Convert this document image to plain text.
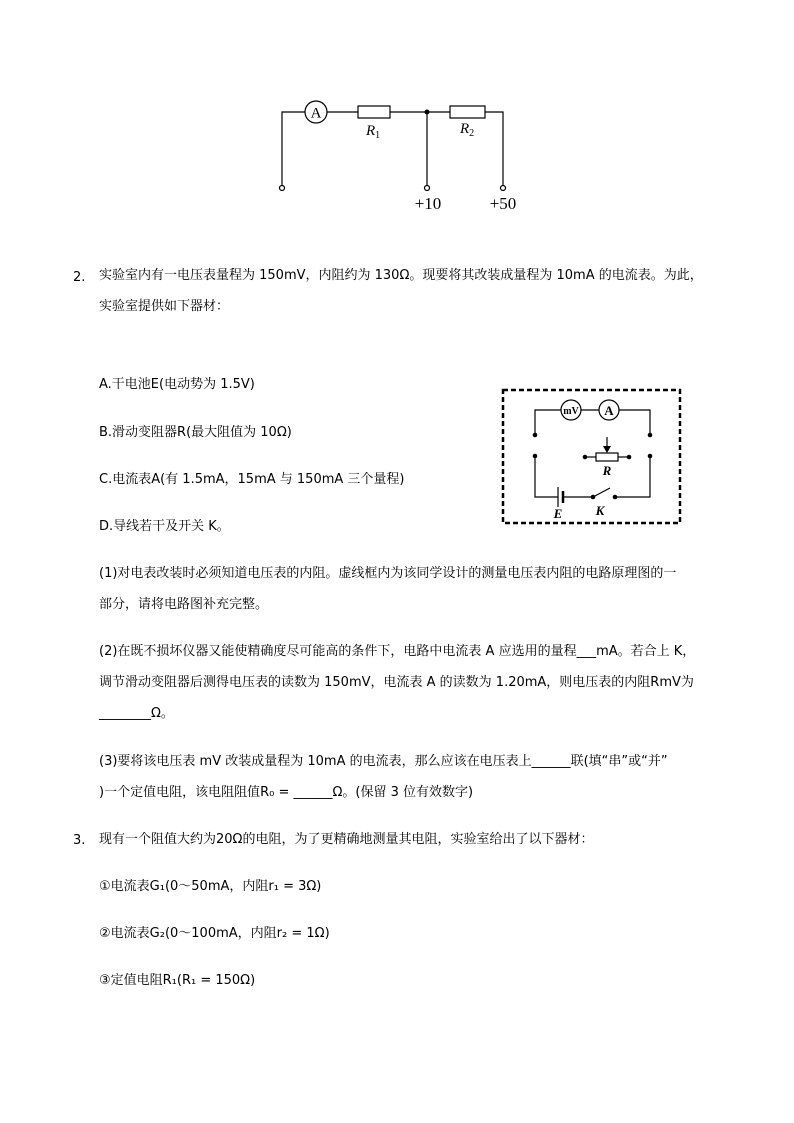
A
$R_1$	$R_2$
+10	+50
2. 实验室内有一电压表量程为 150mV，内阻约为 130Ω。现要将其改装成量程为 10mA 的电流表。为此，
实验室提供如下器材：
A.干电池E(电动势为 1.5V)
B.滑动变阻器R(最大阻值为 10Ω)
C.电流表A(有 1.5mA，15mA 与 150mA 三个量程)
D.导线若干及开关 K。
mV A
R
E	K
(1)对电表改装时必须知道电压表的内阻。虚线框内为该同学设计的测量电压表内阻的电路原理图的一
部分，请将电路图补充完整。
(2)在既不损坏仪器又能使精确度尽可能高的条件下，电路中电流表 A 应选用的量程___mA。若合上 K，
调节滑动变阻器后测得电压表的读数为 150mV，电流表 A 的读数为 1.20mA，则电压表的内阻RmV为
________Ω。
(3)要将该电压表 mV 改装成量程为 10mA 的电流表，那么应该在电压表上______联(填“串”或“并”
)一个定值电阻，该电阻阻值R₀ = ______Ω。(保留 3 位有效数字)
3. 现有一个阻值大约为20Ω的电阻，为了更精确地测量其电阻，实验室给出了以下器材：
①电流表G₁(0～50mA，内阻r₁ = 3Ω)
②电流表G₂(0～100mA，内阻r₂ = 1Ω)
③定值电阻R₁(R₁ = 150Ω)
